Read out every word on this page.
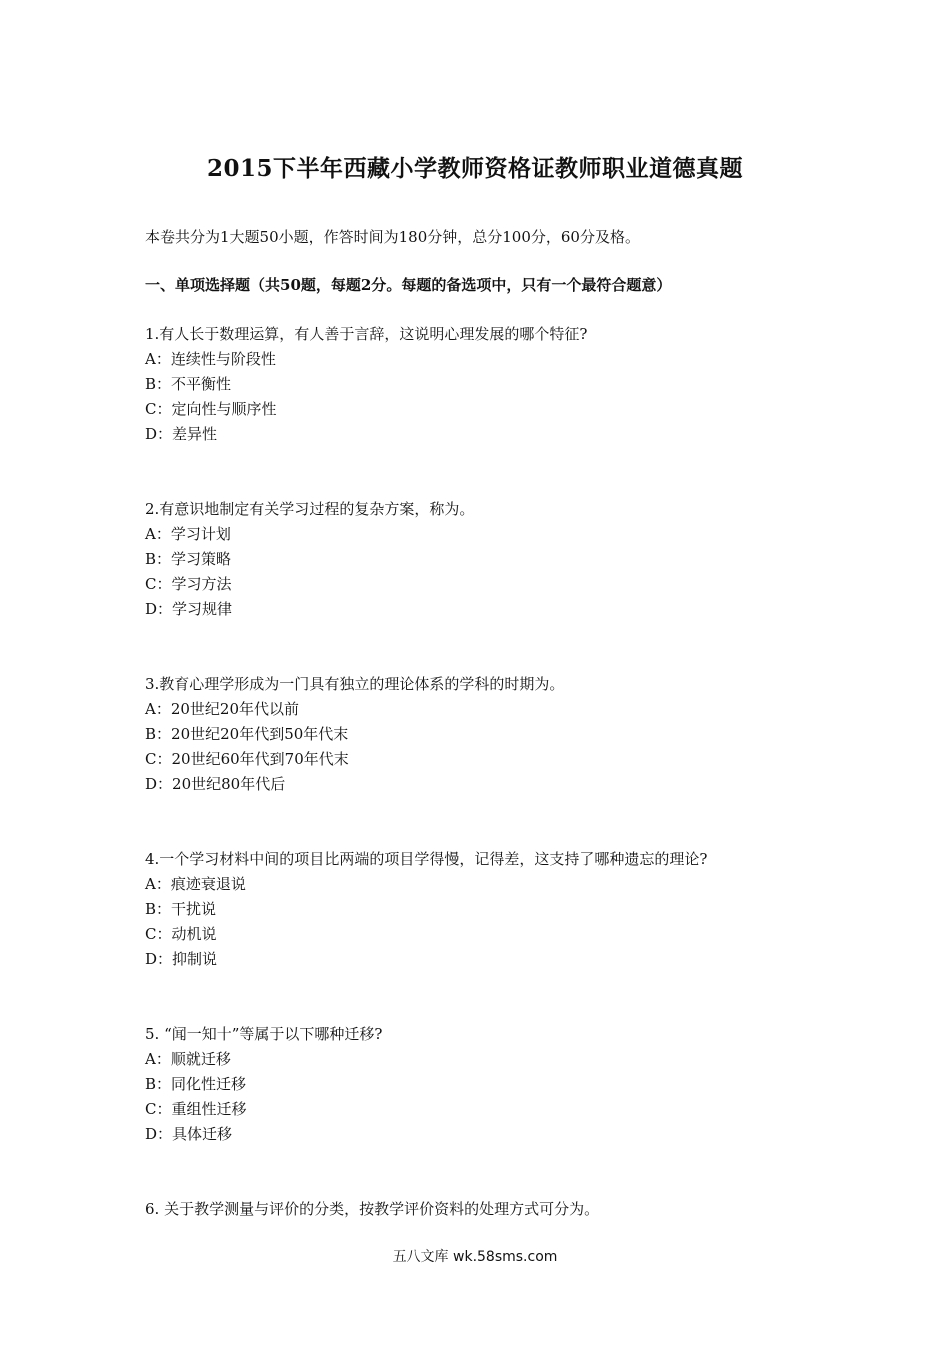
2015下半年西藏小学教师资格证教师职业道德真题
本卷共分为1大题50小题，作答时间为180分钟，总分100分，60分及格。
一、单项选择题（共50题，每题2分。每题的备选项中，只有一个最符合题意）
1.有人长于数理运算，有人善于言辞，这说明心理发展的哪个特征?
A：连续性与阶段性
B：不平衡性
C：定向性与顺序性
D：差异性
2.有意识地制定有关学习过程的复杂方案，称为。
A：学习计划
B：学习策略
C：学习方法
D：学习规律
3.教育心理学形成为一门具有独立的理论体系的学科的时期为。
A：20世纪20年代以前
B：20世纪20年代到50年代末
C：20世纪60年代到70年代末
D：20世纪80年代后
4.一个学习材料中间的项目比两端的项目学得慢，记得差，这支持了哪种遗忘的理论?
A：痕迹衰退说
B：干扰说
C：动机说
D：抑制说
5. “闻一知十”等属于以下哪种迁移?
A：顺就迁移
B：同化性迁移
C：重组性迁移
D：具体迁移
6. 关于教学测量与评价的分类，按教学评价资料的处理方式可分为。
五八文库 wk.58sms.com
